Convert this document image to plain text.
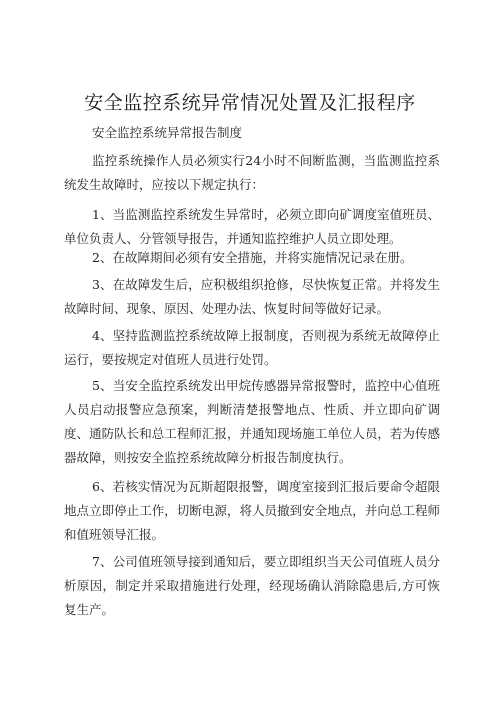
安全监控系统异常情况处置及汇报程序
安全监控系统异常报告制度

监控系统操作人员必须实行24小时不间断监测，当监测监控系统发生故障时，应按以下规定执行：

1、当监测监控系统发生异常时，必须立即向矿调度室值班员、单位负责人、分管领导报告，并通知监控维护人员立即处理。

2、在故障期间必须有安全措施，并将实施情况记录在册。

3、在故障发生后，应积极组织抢修，尽快恢复正常。并将发生故障时间、现象、原因、处理办法、恢复时间等做好记录。

4、坚持监测监控系统故障上报制度，否则视为系统无故障停止运行，要按规定对值班人员进行处罚。

5、当安全监控系统发出甲烷传感器异常报警时，监控中心值班人员启动报警应急预案，判断清楚报警地点、性质、并立即向矿调度、通防队长和总工程师汇报，并通知现场施工单位人员，若为传感器故障，则按安全监控系统故障分析报告制度执行。

6、若核实情况为瓦斯超限报警，调度室接到汇报后要命令超限地点立即停止工作，切断电源，将人员撤到安全地点，并向总工程师和值班领导汇报。

7、公司值班领导接到通知后，要立即组织当天公司值班人员分析原因，制定并采取措施进行处理，经现场确认消除隐患后,方可恢复生产。
